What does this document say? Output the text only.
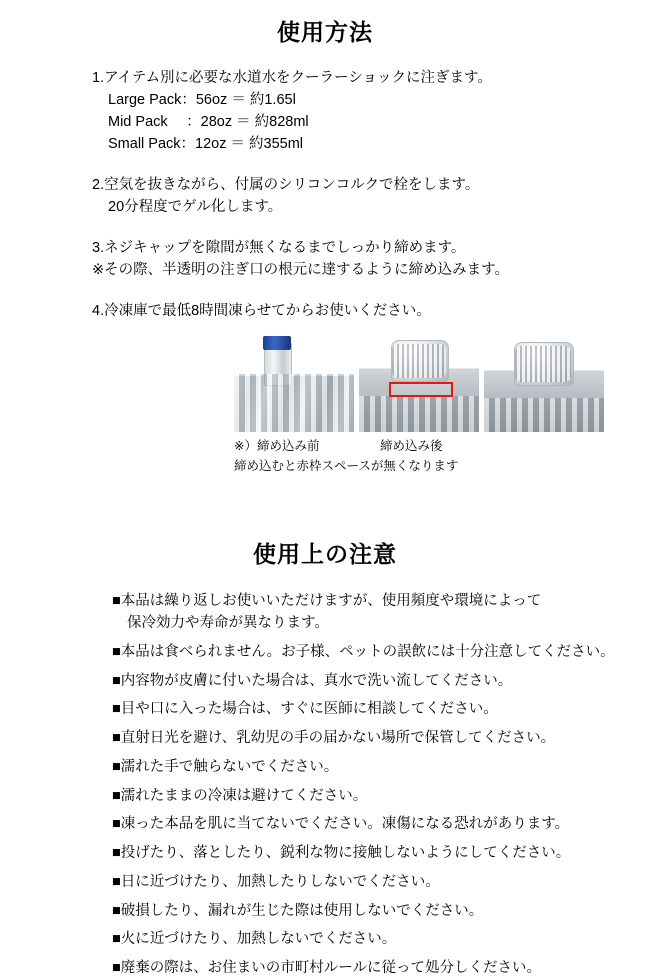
使用方法
1.アイテム別に必要な水道水をクーラーショックに注ぎます。
Large Pack：56oz ＝ 約1.65l
Mid Pack　 ：28oz ＝ 約828ml
Small Pack：12oz ＝ 約355ml
2.空気を抜きながら、付属のシリコンコルクで栓をします。
20分程度でゲル化します。
3.ネジキャップを隙間が無くなるまでしっかり締めます。
※その際、半透明の注ぎ口の根元に達するように締め込みます。
4.冷凍庫で最低8時間凍らせてからお使いください。
※）締め込み前	締め込み後
締め込むと赤枠スペースが無くなります
使用上の注意
■本品は繰り返しお使いいただけますが、使用頻度や環境によって
保冷効力や寿命が異なります。
■本品は食べられません。お子様、ペットの誤飲には十分注意してください。
■内容物が皮膚に付いた場合は、真水で洗い流してください。
■目や口に入った場合は、すぐに医師に相談してください。
■直射日光を避け、乳幼児の手の届かない場所で保管してください。
■濡れた手で触らないでください。
■濡れたままの冷凍は避けてください。
■凍った本品を肌に当てないでください。凍傷になる恐れがあります。
■投げたり、落としたり、鋭利な物に接触しないようにしてください。
■日に近づけたり、加熱したりしないでください。
■破損したり、漏れが生じた際は使用しないでください。
■火に近づけたり、加熱しないでください。
■廃棄の際は、お住まいの市町村ルールに従って処分しください。
